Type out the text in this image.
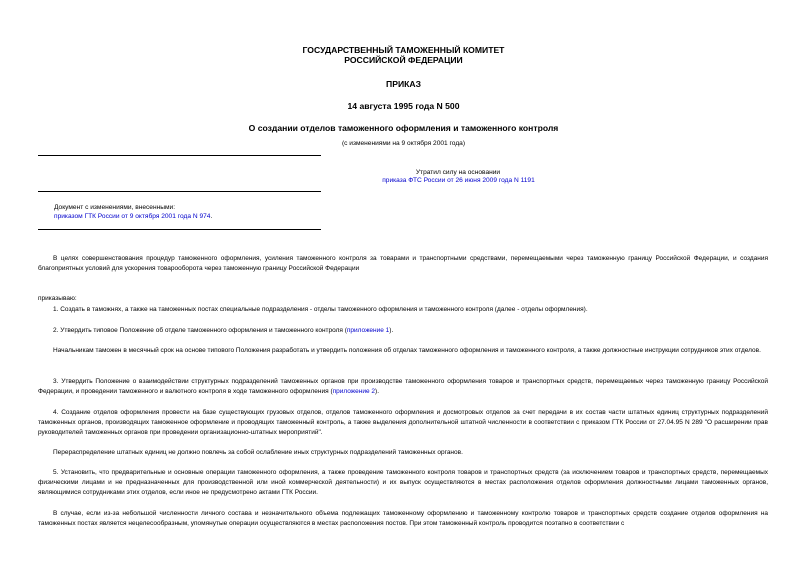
ГОСУДАРСТВЕННЫЙ ТАМОЖЕННЫЙ КОМИТЕТ
РОССИЙСКОЙ ФЕДЕРАЦИИ
ПРИКАЗ
14 августа 1995 года N 500
О создании отделов таможенного оформления и таможенного контроля
(с изменениями на 9 октября 2001 года)
Утратил силу на основании
приказа ФТС России от 26 июня 2009 года N 1191
Документ с изменениями, внесенными:
приказом ГТК России от 9 октября 2001 года N 974.
В целях совершенствования процедур таможенного оформления, усиления таможенного контроля за товарами и транспортными средствами, перемещаемыми через таможенную границу Российской Федерации, и создания благоприятных условий для ускорения товарооборота через таможенную границу Российской Федерации
приказываю:
1. Создать в таможнях, а также на таможенных постах специальные подразделения - отделы таможенного оформления и таможенного контроля (далее - отделы оформления).
2. Утвердить типовое Положение об отделе таможенного оформления и таможенного контроля (приложение 1).
Начальникам таможен в месячный срок на основе типового Положения разработать и утвердить положения об отделах таможенного оформления и таможенного контроля, а также должностные инструкции сотрудников этих отделов.
3. Утвердить Положение о взаимодействии структурных подразделений таможенных органов при производстве таможенного оформления товаров и транспортных средств, перемещаемых через таможенную границу Российской Федерации, и проведении таможенного и валютного контроля в ходе таможенного оформления (приложение 2).
4. Создание отделов оформления провести на базе существующих грузовых отделов, отделов таможенного оформления и досмотровых отделов за счет передачи в их состав части штатных единиц структурных подразделений таможенных органов, производящих таможенное оформление и проводящих таможенный контроль, а также выделения дополнительной штатной численности в соответствии с приказом ГТК России от 27.04.95 N 289 "О расширении прав руководителей таможенных органов при проведении организационно-штатных мероприятий".
Перераспределение штатных единиц не должно повлечь за собой ослабление иных структурных подразделений таможенных органов.
5. Установить, что предварительные и основные операции таможенного оформления, а также проведение таможенного контроля товаров и транспортных средств (за исключением товаров и транспортных средств, перемещаемых физическими лицами и не предназначенных для производственной или иной коммерческой деятельности) и их выпуск осуществляются в местах расположения отделов оформления должностными лицами таможенных органов, являющимися сотрудниками этих отделов, если иное не предусмотрено актами ГТК России.
В случае, если из-за небольшой численности личного состава и незначительного объема подлежащих таможенному оформлению и таможенному контролю товаров и транспортных средств создание отделов оформления на таможенных постах является нецелесообразным, упомянутые операции осуществляются в местах расположения постов. При этом таможенный контроль проводится поэтапно в соответствии с
